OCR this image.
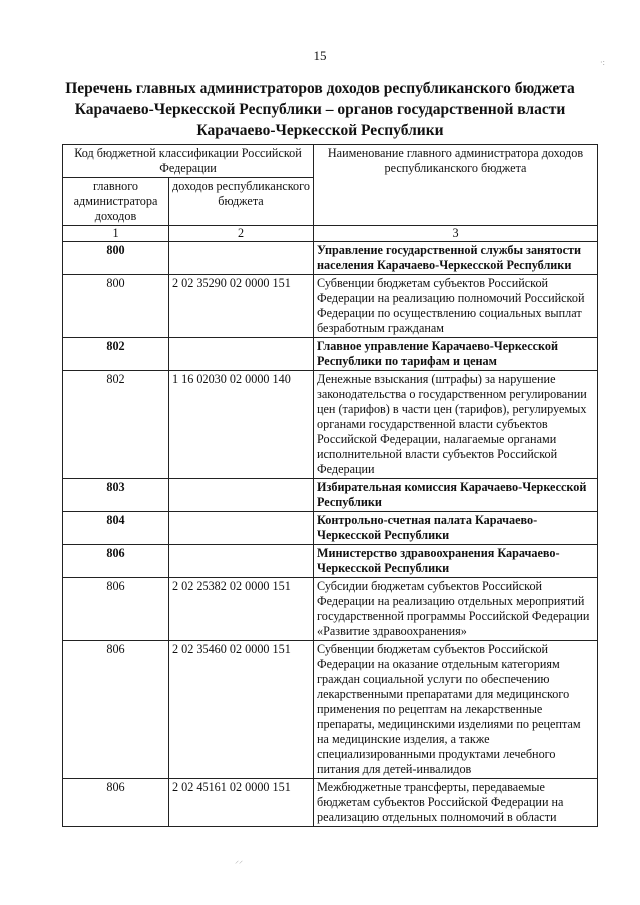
15	·:
Перечень главных администраторов доходов республиканского бюджета
Карачаево-Черкесской Республики – органов государственной власти
Карачаево-Черкесской Республики
Код бюджетной классификации Российской Федерации		Наименование главного администратора доходов республиканского бюджета
главного администратора доходов	доходов республиканского бюджета	
1	2	3
800		Управление государственной службы занятости населения Карачаево-Черкесской Республики
800	2 02 35290 02 0000 151	Субвенции бюджетам субъектов Российской Федерации на реализацию полномочий Российской Федерации по осуществлению социальных выплат безработным гражданам
802		Главное управление Карачаево-Черкесской Республики по тарифам и ценам
802	1 16 02030 02 0000 140	Денежные взыскания (штрафы) за нарушение законодательства о государственном регулировании цен (тарифов) в части цен (тарифов), регулируемых органами государственной власти субъектов Российской Федерации, налагаемые органами исполнительной власти субъектов Российской Федерации
803		Избирательная комиссия Карачаево-Черкесской Республики
804		Контрольно-счетная палата Карачаево-Черкесской Республики
806		Министерство здравоохранения Карачаево-Черкесской Республики
806	2 02 25382 02 0000 151	Субсидии бюджетам субъектов Российской Федерации на реализацию отдельных мероприятий государственной программы Российской Федерации «Развитие здравоохранения»
806	2 02 35460 02 0000 151	Субвенции бюджетам субъектов Российской Федерации на оказание отдельным категориям граждан социальной услуги по обеспечению лекарственными препаратами для медицинского применения по рецептам на лекарственные препараты, медицинскими изделиями по рецептам на медицинские изделия, а также специализированными продуктами лечебного питания для детей-инвалидов
806	2 02 45161 02 0000 151	Межбюджетные трансферты, передаваемые бюджетам субъектов Российской Федерации на реализацию отдельных полномочий в области
⸝⸝
